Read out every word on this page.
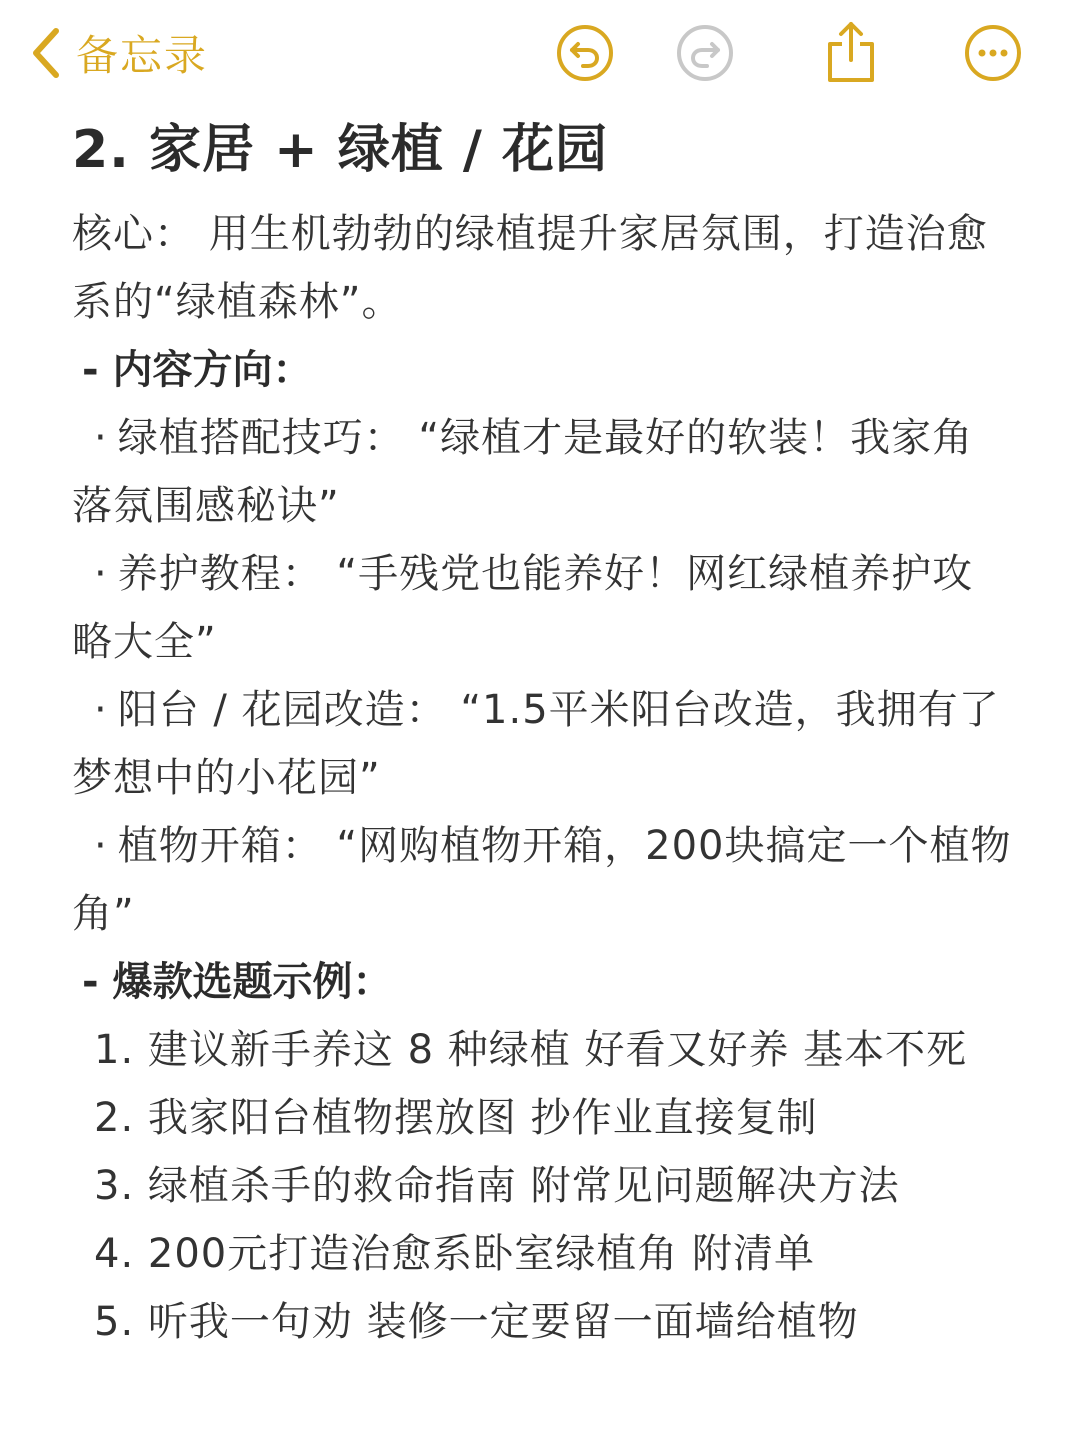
备忘录
2. 家居 + 绿植 / 花园

核心： 用生机勃勃的绿植提升家居氛围，打造治愈系的“绿植森林”。

- 内容方向：

· 绿植搭配技巧： “绿植才是最好的软装！我家角落氛围感秘诀”

· 养护教程： “手残党也能养好！网红绿植养护攻略大全”

· 阳台 / 花园改造： “1.5平米阳台改造，我拥有了梦想中的小花园”

· 植物开箱： “网购植物开箱，200块搞定一个植物角”

- 爆款选题示例：

1. 建议新手养这 8 种绿植 好看又好养 基本不死

2. 我家阳台植物摆放图 抄作业直接复制

3. 绿植杀手的救命指南 附常见问题解决方法

4. 200元打造治愈系卧室绿植角 附清单

5. 听我一句劝 装修一定要留一面墙给植物
